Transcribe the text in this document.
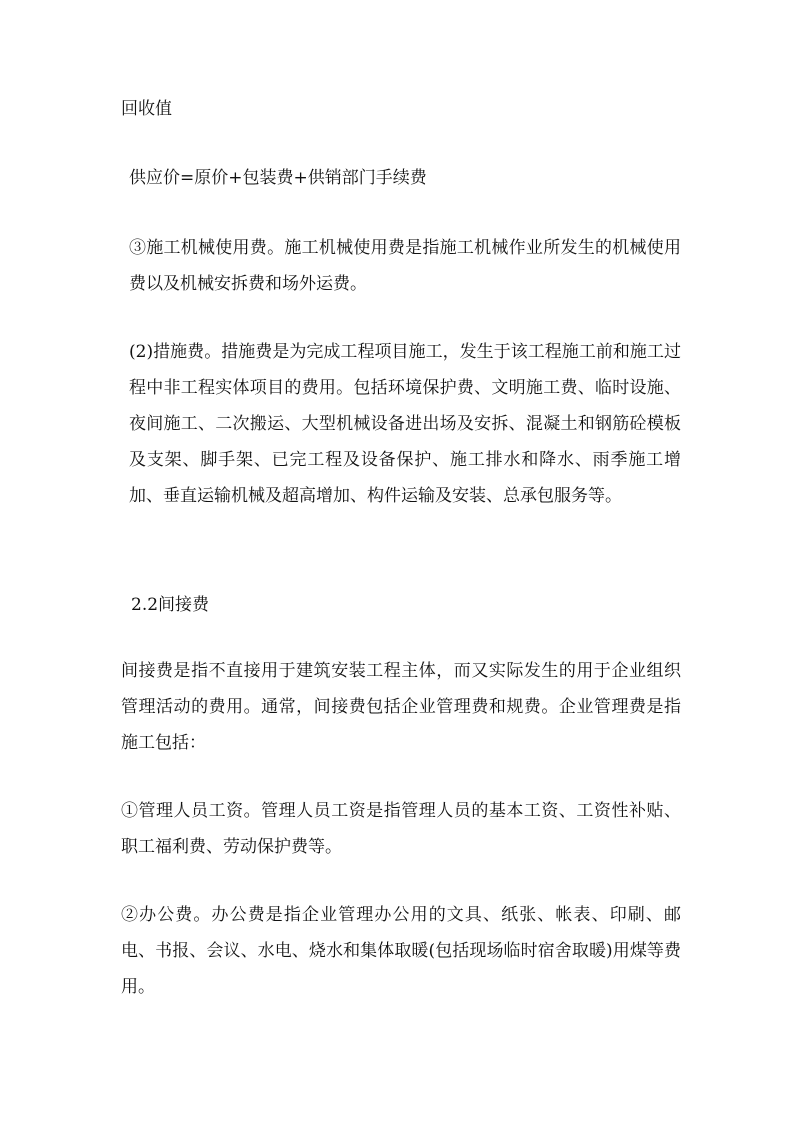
回收值

供应价=原价+包装费+供销部门手续费

③施工机械使用费。施工机械使用费是指施工机械作业所发生的机械使用费以及机械安拆费和场外运费。

(2)措施费。措施费是为完成工程项目施工，发生于该工程施工前和施工过程中非工程实体项目的费用。包括环境保护费、文明施工费、临时设施、夜间施工、二次搬运、大型机械设备进出场及安拆、混凝土和钢筋砼模板及支架、脚手架、已完工程及设备保护、施工排水和降水、雨季施工增加、垂直运输机械及超高增加、构件运输及安装、总承包服务等。

2.2间接费

间接费是指不直接用于建筑安装工程主体，而又实际发生的用于企业组织管理活动的费用。通常，间接费包括企业管理费和规费。企业管理费是指施工包括：

①管理人员工资。管理人员工资是指管理人员的基本工资、工资性补贴、职工福利费、劳动保护费等。

②办公费。办公费是指企业管理办公用的文具、纸张、帐表、印刷、邮电、书报、会议、水电、烧水和集体取暖(包括现场临时宿舍取暖)用煤等费用。
